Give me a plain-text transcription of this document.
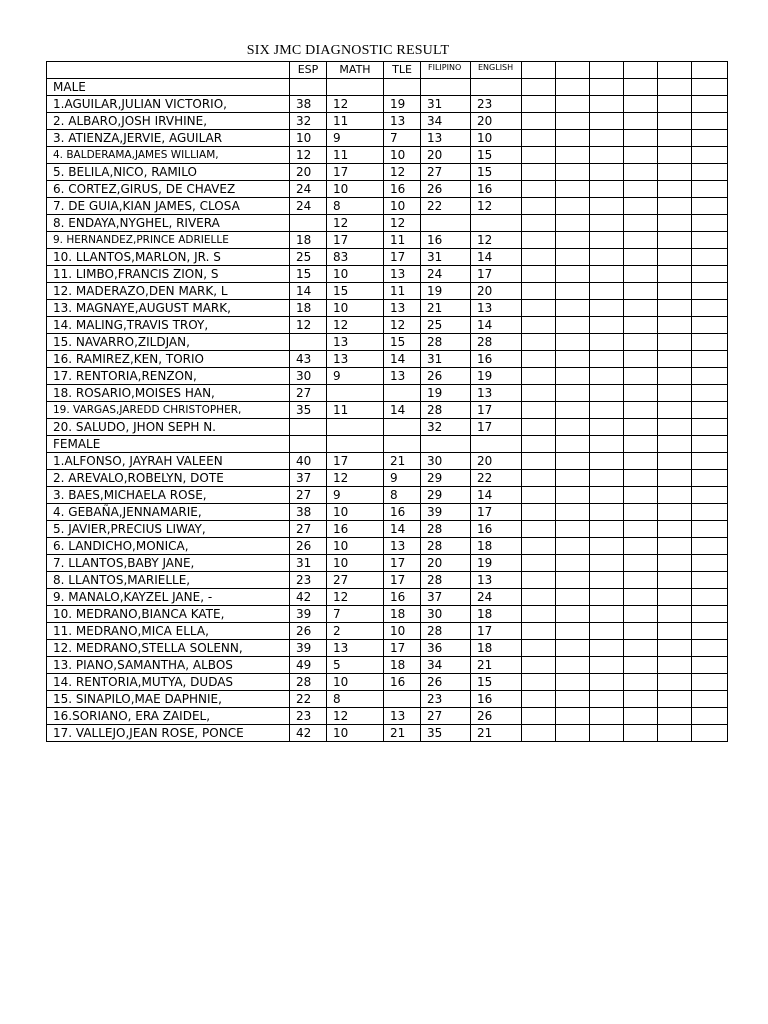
SIX JMC DIAGNOSTIC RESULT
	ESP	MATH	TLE	FILIPINO	ENGLISH						
MALE											
1.AGUILAR,JULIAN VICTORIO,	38	12	19	31	23						
2. ALBARO,JOSH IRVHINE,	32	11	13	34	20						
3. ATIENZA,JERVIE, AGUILAR	10	9	7	13	10						
4. BALDERAMA,JAMES WILLIAM,	12	11	10	20	15						
5. BELILA,NICO, RAMILO	20	17	12	27	15						
6. CORTEZ,GIRUS, DE CHAVEZ	24	10	16	26	16						
7. DE GUIA,KIAN JAMES, CLOSA	24	8	10	22	12						
8. ENDAYA,NYGHEL, RIVERA		12	12								
9. HERNANDEZ,PRINCE ADRIELLE	18	17	11	16	12						
10. LLANTOS,MARLON, JR. S	25	83	17	31	14						
11. LIMBO,FRANCIS ZION, S	15	10	13	24	17						
12. MADERAZO,DEN MARK, L	14	15	11	19	20						
13. MAGNAYE,AUGUST MARK,	18	10	13	21	13						
14. MALING,TRAVIS TROY,	12	12	12	25	14						
15. NAVARRO,ZILDJAN,		13	15	28	28						
16. RAMIREZ,KEN, TORIO	43	13	14	31	16						
17. RENTORIA,RENZON,	30	9	13	26	19						
18. ROSARIO,MOISES HAN,	27			19	13						
19. VARGAS,JAREDD CHRISTOPHER,	35	11	14	28	17						
20. SALUDO, JHON SEPH N.				32	17						
FEMALE											
1.ALFONSO, JAYRAH VALEEN	40	17	21	30	20						
2. AREVALO,ROBELYN, DOTE	37	12	9	29	22						
3. BAES,MICHAELA ROSE,	27	9	8	29	14						
4. GEBAÑA,JENNAMARIE,	38	10	16	39	17						
5. JAVIER,PRECIUS LIWAY,	27	16	14	28	16						
6. LANDICHO,MONICA,	26	10	13	28	18						
7. LLANTOS,BABY JANE,	31	10	17	20	19						
8. LLANTOS,MARIELLE,	23	27	17	28	13						
9. MANALO,KAYZEL JANE, -	42	12	16	37	24						
10. MEDRANO,BIANCA KATE,	39	7	18	30	18						
11. MEDRANO,MICA ELLA,	26	2	10	28	17						
12. MEDRANO,STELLA SOLENN,	39	13	17	36	18						
13. PIANO,SAMANTHA, ALBOS	49	5	18	34	21						
14. RENTORIA,MUTYA, DUDAS	28	10	16	26	15						
15. SINAPILO,MAE DAPHNIE,	22	8		23	16						
16.SORIANO, ERA ZAIDEL,	23	12	13	27	26						
17. VALLEJO,JEAN ROSE, PONCE	42	10	21	35	21						
